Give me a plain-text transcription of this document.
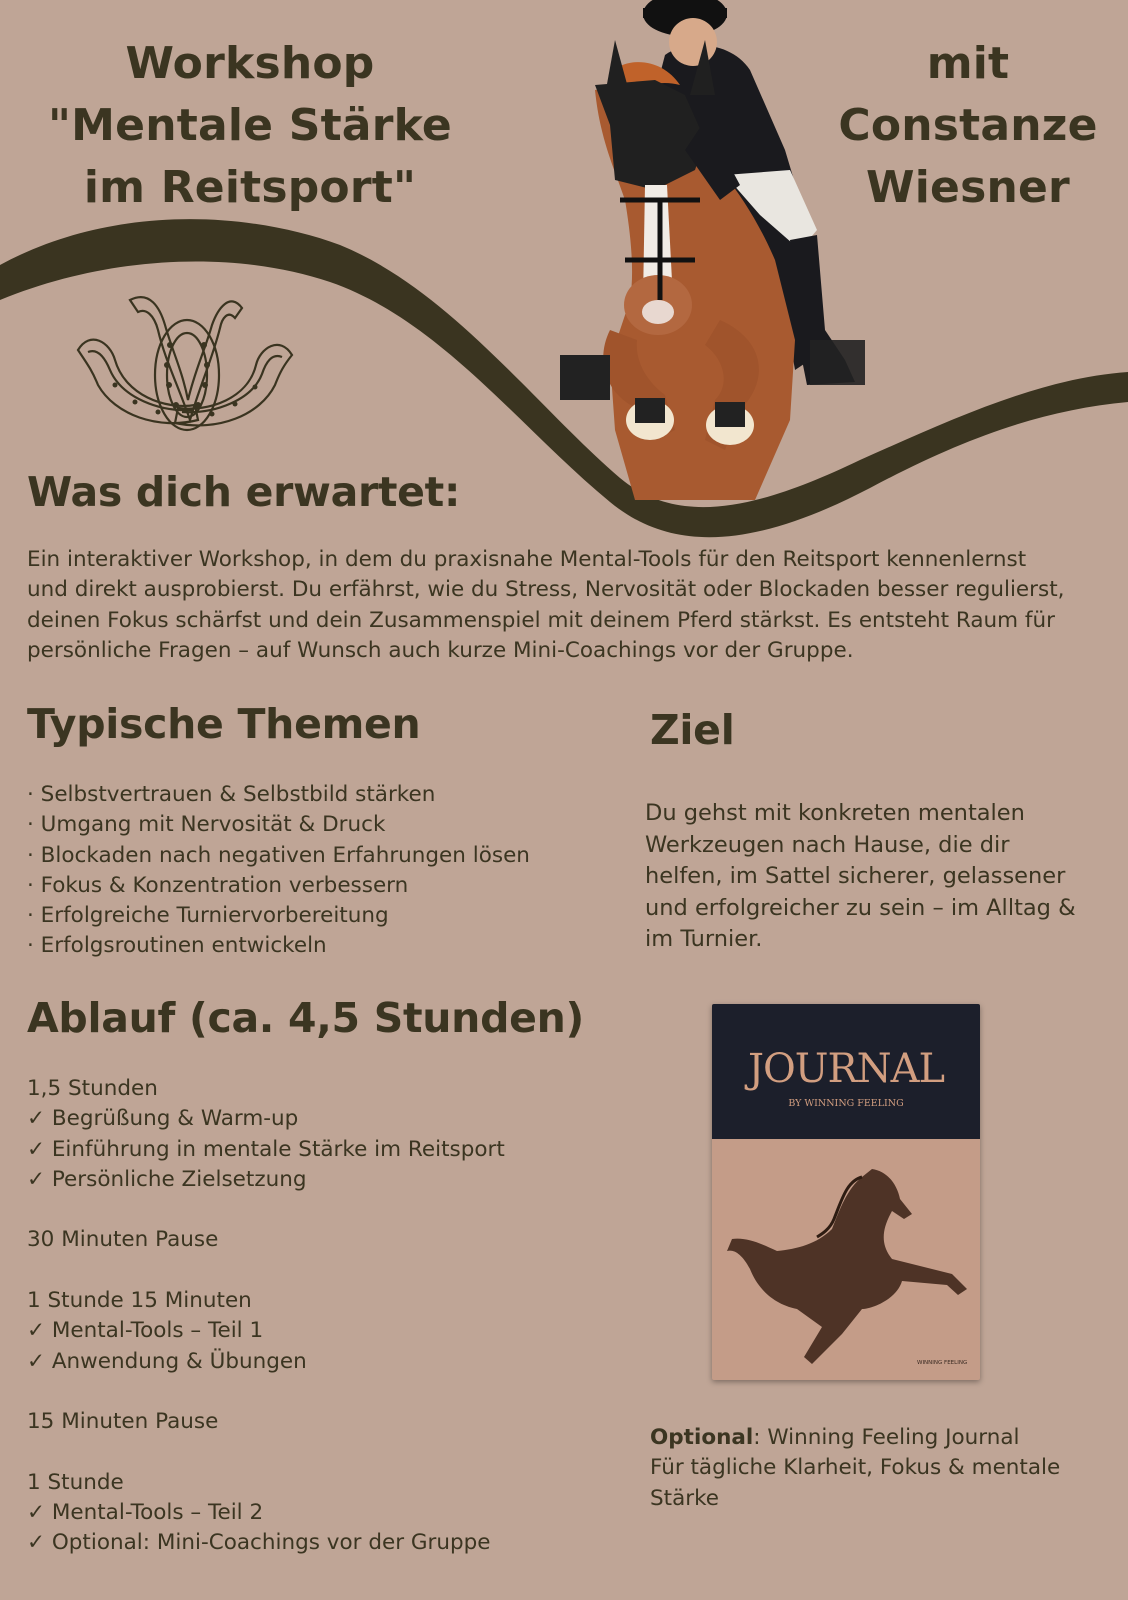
Workshop
"Mentale Stärke
im Reitsport"
mit
Constanze
Wiesner
Was dich erwartet:
Ein interaktiver Workshop, in dem du praxisnahe Mental-Tools für den Reitsport kennenlernst
und direkt ausprobierst. Du erfährst, wie du Stress, Nervosität oder Blockaden besser regulierst,
deinen Fokus schärfst und dein Zusammenspiel mit deinem Pferd stärkst. Es entsteht Raum für
persönliche Fragen – auf Wunsch auch kurze Mini-Coachings vor der Gruppe.
Typische Themen
· Selbstvertrauen & Selbstbild stärken
· Umgang mit Nervosität & Druck
· Blockaden nach negativen Erfahrungen lösen
· Fokus & Konzentration verbessern
· Erfolgreiche Turniervorbereitung
· Erfolgsroutinen entwickeln
Ziel
Du gehst mit konkreten mentalen
Werkzeugen nach Hause, die dir
helfen, im Sattel sicherer, gelassener
und erfolgreicher zu sein – im Alltag &
im Turnier.
Ablauf (ca. 4,5 Stunden)
1,5 Stunden
✓ Begrüßung & Warm-up
✓ Einführung in mentale Stärke im Reitsport
✓ Persönliche Zielsetzung
30 Minuten Pause
1 Stunde 15 Minuten
✓ Mental-Tools – Teil 1
✓ Anwendung & Übungen
15 Minuten Pause
1 Stunde
✓ Mental-Tools – Teil 2
✓ Optional: Mini-Coachings vor der Gruppe
JOURNAL
BY WINNING FEELING
WINNING FEELING
Optional: Winning Feeling Journal
Für tägliche Klarheit, Fokus & mentale
Stärke
